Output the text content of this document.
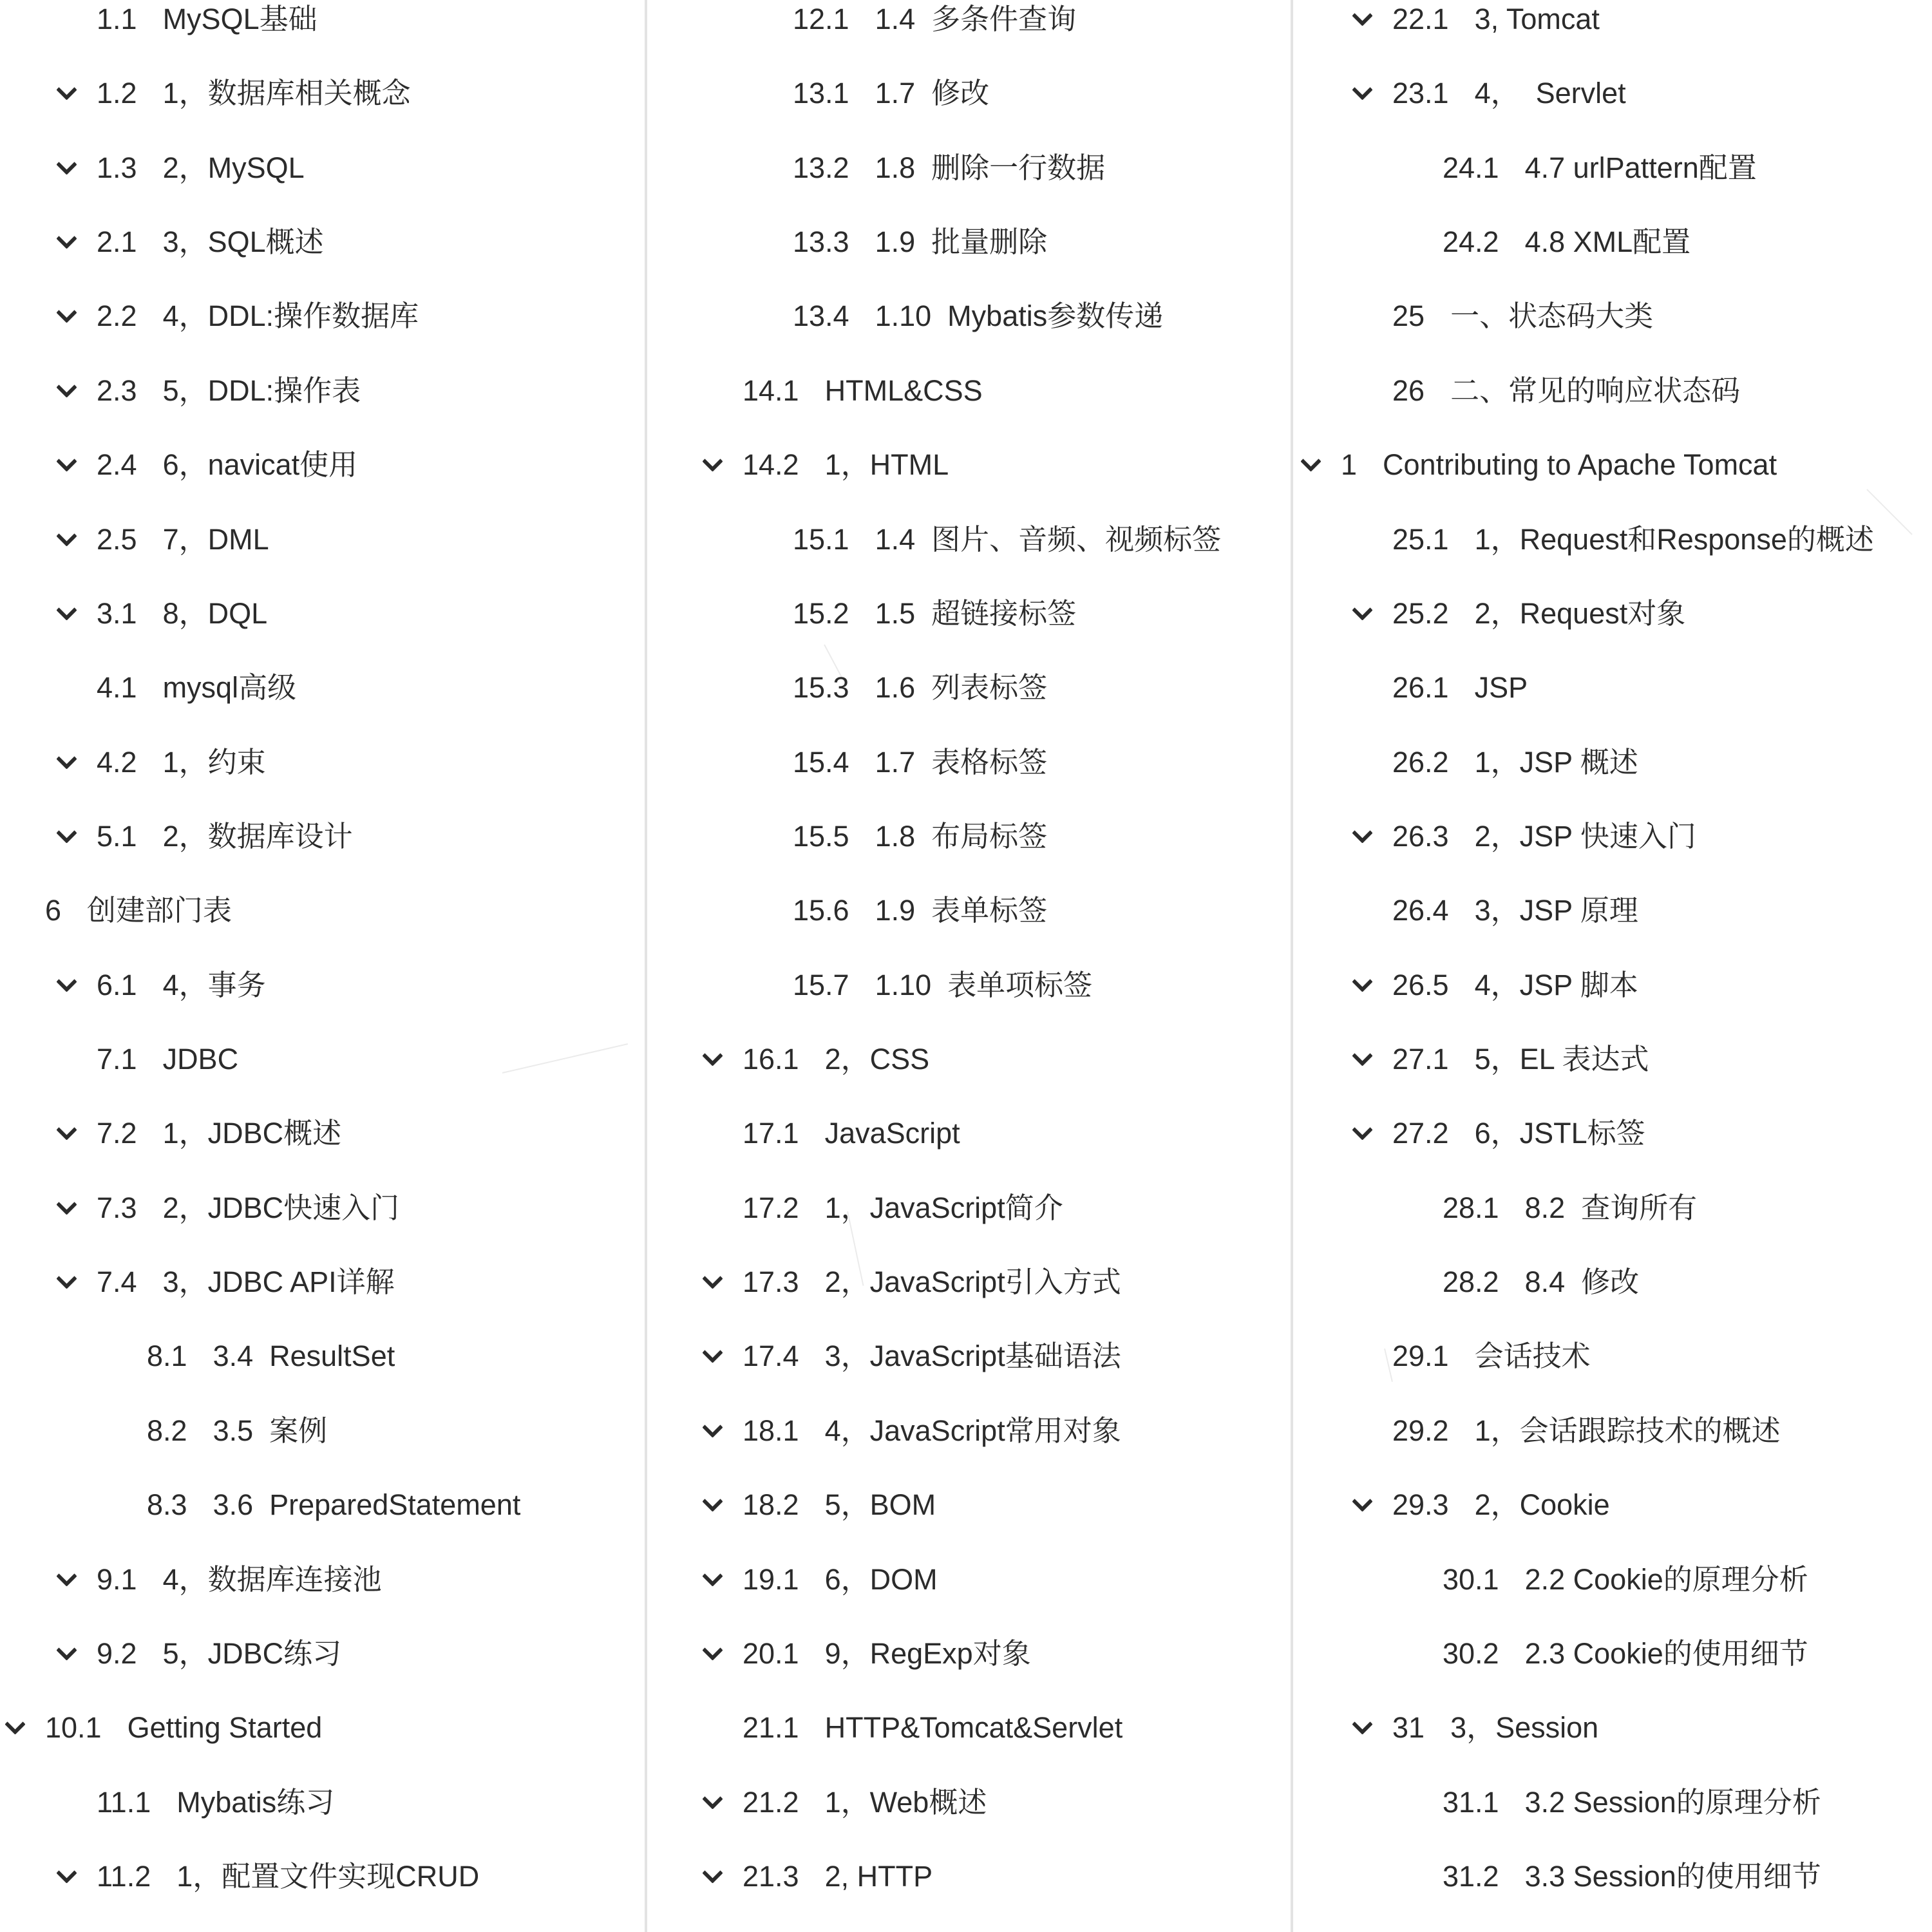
1.1 MySQL基础
1.2 1，数据库相关概念
1.3 2，MySQL
2.1 3，SQL概述
2.2 4，DDL:操作数据库
2.3 5，DDL:操作表
2.4 6，navicat使用
2.5 7，DML
3.1 8，DQL
4.1 mysql高级
4.2 1，约束
5.1 2，数据库设计
6 创建部门表
6.1 4，事务
7.1 JDBC
7.2 1，JDBC概述
7.3 2，JDBC快速入门
7.4 3，JDBC API详解
8.1 3.4  ResultSet
8.2 3.5  案例
8.3 3.6  PreparedStatement
9.1 4，数据库连接池
9.2 5，JDBC练习
10.1 Getting Started
11.1 Mybatis练习
11.2 1，配置文件实现CRUD
12.1 1.4  多条件查询
13.1 1.7  修改
13.2 1.8  删除一行数据
13.3 1.9  批量删除
13.4 1.10  Mybatis参数传递
14.1 HTML&CSS
14.2 1，HTML
15.1 1.4  图片、音频、视频标签
15.2 1.5  超链接标签
15.3 1.6  列表标签
15.4 1.7  表格标签
15.5 1.8  布局标签
15.6 1.9  表单标签
15.7 1.10  表单项标签
16.1 2，CSS
17.1 JavaScript
17.2 1，JavaScript简介
17.3 2，JavaScript引入方式
17.4 3，JavaScript基础语法
18.1 4，JavaScript常用对象
18.2 5，BOM
19.1 6，DOM
20.1 9，RegExp对象
21.1 HTTP&Tomcat&Servlet
21.2 1，Web概述
21.3 2, HTTP
22.1 3, Tomcat
23.1 4，  Servlet
24.1 4.7 urlPattern配置
24.2 4.8 XML配置
25 一、状态码大类
26 二、常见的响应状态码
1 Contributing to Apache Tomcat
25.1 1，Request和Response的概述
25.2 2，Request对象
26.1 JSP
26.2 1，JSP 概述
26.3 2，JSP 快速入门
26.4 3，JSP 原理
26.5 4，JSP 脚本
27.1 5，EL 表达式
27.2 6，JSTL标签
28.1 8.2  查询所有
28.2 8.4  修改
29.1 会话技术
29.2 1，会话跟踪技术的概述
29.3 2，Cookie
30.1 2.2 Cookie的原理分析
30.2 2.3 Cookie的使用细节
31 3，Session
31.1 3.2 Session的原理分析
31.2 3.3 Session的使用细节
